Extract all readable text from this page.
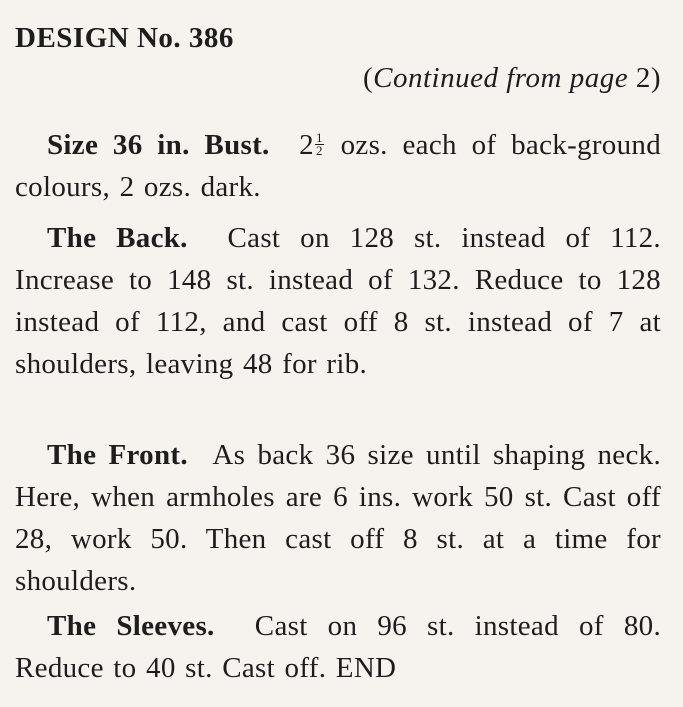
DESIGN No. 386
(Continued from page 2)
Size 36 in. Bust. $2 \frac{1}{2}$ ozs. each of back-ground colours, 2 ozs. dark.
The Back. Cast on 128 st. instead of 112. Increase to 148 st. instead of 132. Reduce to 128 instead of 112, and cast off 8 st. instead of 7 at shoulders, leaving 48 for rib.
The Front. As back 36 size until shaping neck. Here, when armholes are 6 ins. work 50 st. Cast off 28, work 50. Then cast off 8 st. at a time for shoulders.
The Sleeves. Cast on 96 st. instead of 80. Reduce to 40 st. Cast off. END
